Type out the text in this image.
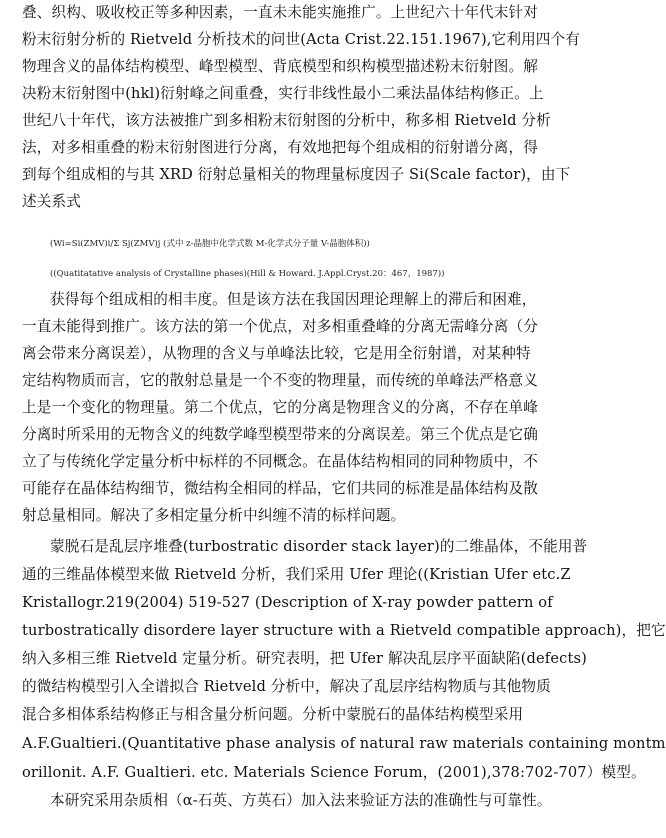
叠、织构、吸收校正等多种因素，一直未未能实施推广。上世纪六十年代末针对
粉末衍射分析的 Rietveld 分析技术的问世(Acta Crist.22.151.1967),它利用四个有
物理含义的晶体结构模型、峰型模型、背底模型和织构模型描述粉末衍射图。解
决粉末衍射图中(hkl)衍射峰之间重叠，实行非线性最小二乘法晶体结构修正。上
世纪八十年代，该方法被推广到多相粉末衍射图的分析中，称多相 Rietveld 分析
法，对多相重叠的粉末衍射图进行分离，有效地把每个组成相的衍射谱分离，得
到每个组成相的与其 XRD 衍射总量相关的物理量标度因子 Si(Scale factor)，由下
述关系式
(Wi=Si(ZMV)i/Σ Sj(ZMV)j (式中 z-晶胞中化学式数 M-化学式分子量 V-晶胞体积))
((Quatitatative analysis of Crystalline phases)(Hill & Howard. J.Appl.Cryst.20：467，1987))
获得每个组成相的相丰度。但是该方法在我国因理论理解上的滞后和困难，
一直未能得到推广。该方法的第一个优点，对多相重叠峰的分离无需峰分离（分
离会带来分离误差），从物理的含义与单峰法比较，它是用全衍射谱，对某种特
定结构物质而言，它的散射总量是一个不变的物理量，而传统的单峰法严格意义
上是一个变化的物理量。第二个优点，它的分离是物理含义的分离，不存在单峰
分离时所采用的无物含义的纯数学峰型模型带来的分离误差。第三个优点是它确
立了与传统化学定量分析中标样的不同概念。在晶体结构相同的同种物质中，不
可能存在晶体结构细节，微结构全相同的样品，它们共同的标准是晶体结构及散
射总量相同。解决了多相定量分析中纠缠不清的标样问题。
蒙脱石是乱层序堆叠(turbostratic disorder stack layer)的二维晶体，不能用普
通的三维晶体模型来做 Rietveld 分析，我们采用 Ufer 理论((Kristian Ufer etc.Z
Kristallogr.219(2004) 519-527 (Description of X-ray powder pattern of
turbostratically disordere layer structure with a Rietveld compatible approach)，把它
纳入多相三维 Rietveld 定量分析。研究表明，把 Ufer 解决乱层序平面缺陷(defects)
的微结构模型引入全谱拟合 Rietveld 分析中，解决了乱层序结构物质与其他物质
混合多相体系结构修正与相含量分析问题。分析中蒙脱石的晶体结构模型采用
A.F.Gualtieri.(Quantitative phase analysis of natural raw materials containing montm
orillonit. A.F. Gualtieri. etc. Materials Science Forum，(2001),378:702-707）模型。
本研究采用杂质相（α-石英、方英石）加入法来验证方法的准确性与可靠性。
